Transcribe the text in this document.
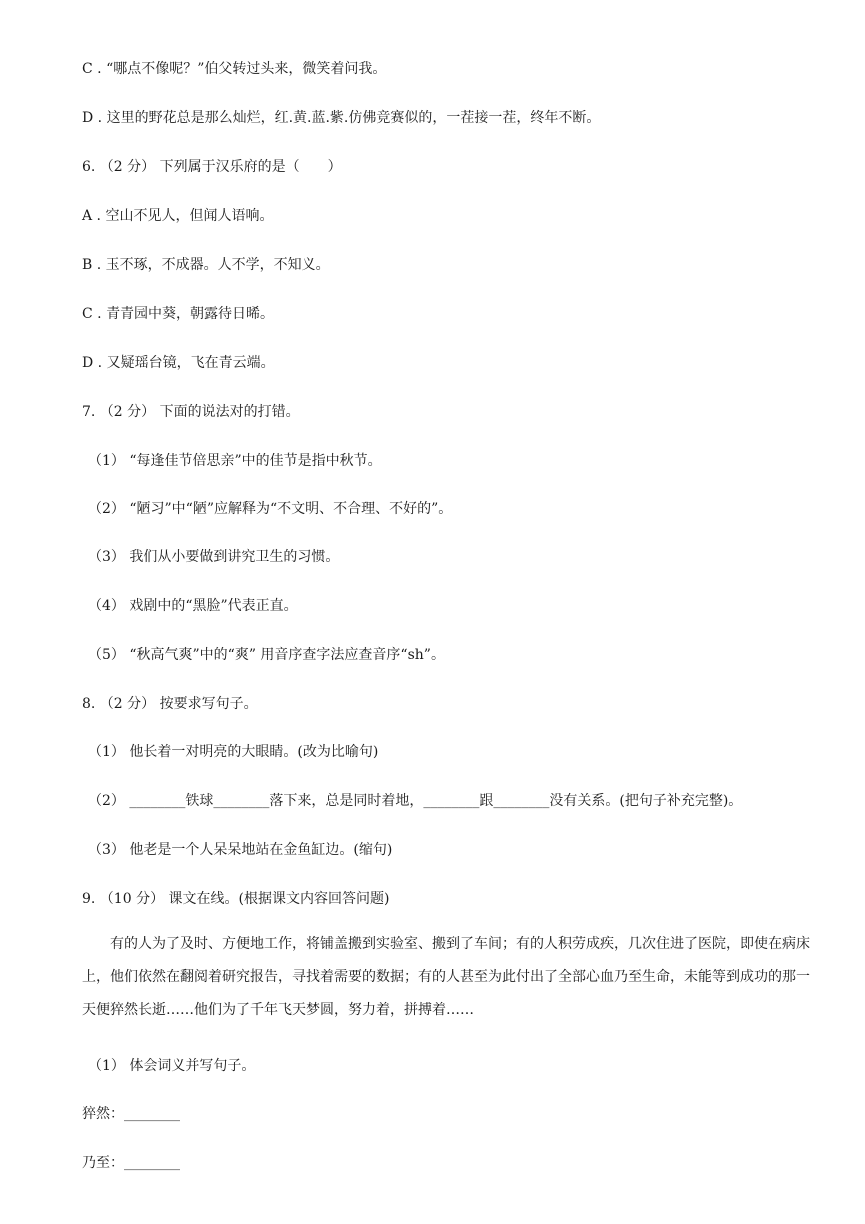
C . “哪点不像呢？”伯父转过头来，微笑着问我。
D . 这里的野花总是那么灿烂，红.黄.蓝.紫.仿佛竞赛似的，一茬接一茬，终年不断。
6. （2 分） 下列属于汉乐府的是（　　）
A . 空山不见人，但闻人语响。
B . 玉不琢，不成器。人不学，不知义。
C . 青青园中葵，朝露待日晞。
D . 又疑瑶台镜，飞在青云端。
7. （2 分） 下面的说法对的打错。
（1） “每逢佳节倍思亲”中的佳节是指中秋节。
（2） “陋习”中“陋”应解释为“不文明、不合理、不好的”。
（3） 我们从小要做到讲究卫生的习惯。
（4） 戏剧中的“黑脸”代表正直。
（5） “秋高气爽”中的“爽” 用音序查字法应查音序“sh”。
8. （2 分） 按要求写句子。
（1） 他长着一对明亮的大眼睛。(改为比喻句)
（2） ________铁球________落下来，总是同时着地，________跟________没有关系。(把句子补充完整)。
（3） 他老是一个人呆呆地站在金鱼缸边。(缩句)
9. （10 分） 课文在线。(根据课文内容回答问题)
　　有的人为了及时、方便地工作，将铺盖搬到实验室、搬到了车间；有的人积劳成疾，几次住进了医院，即使在病床上，他们依然在翻阅着研究报告，寻找着需要的数据；有的人甚至为此付出了全部心血乃至生命，未能等到成功的那一天便猝然长逝……他们为了千年飞天梦圆，努力着，拼搏着……
（1） 体会词义并写句子。
猝然：________
乃至：________
